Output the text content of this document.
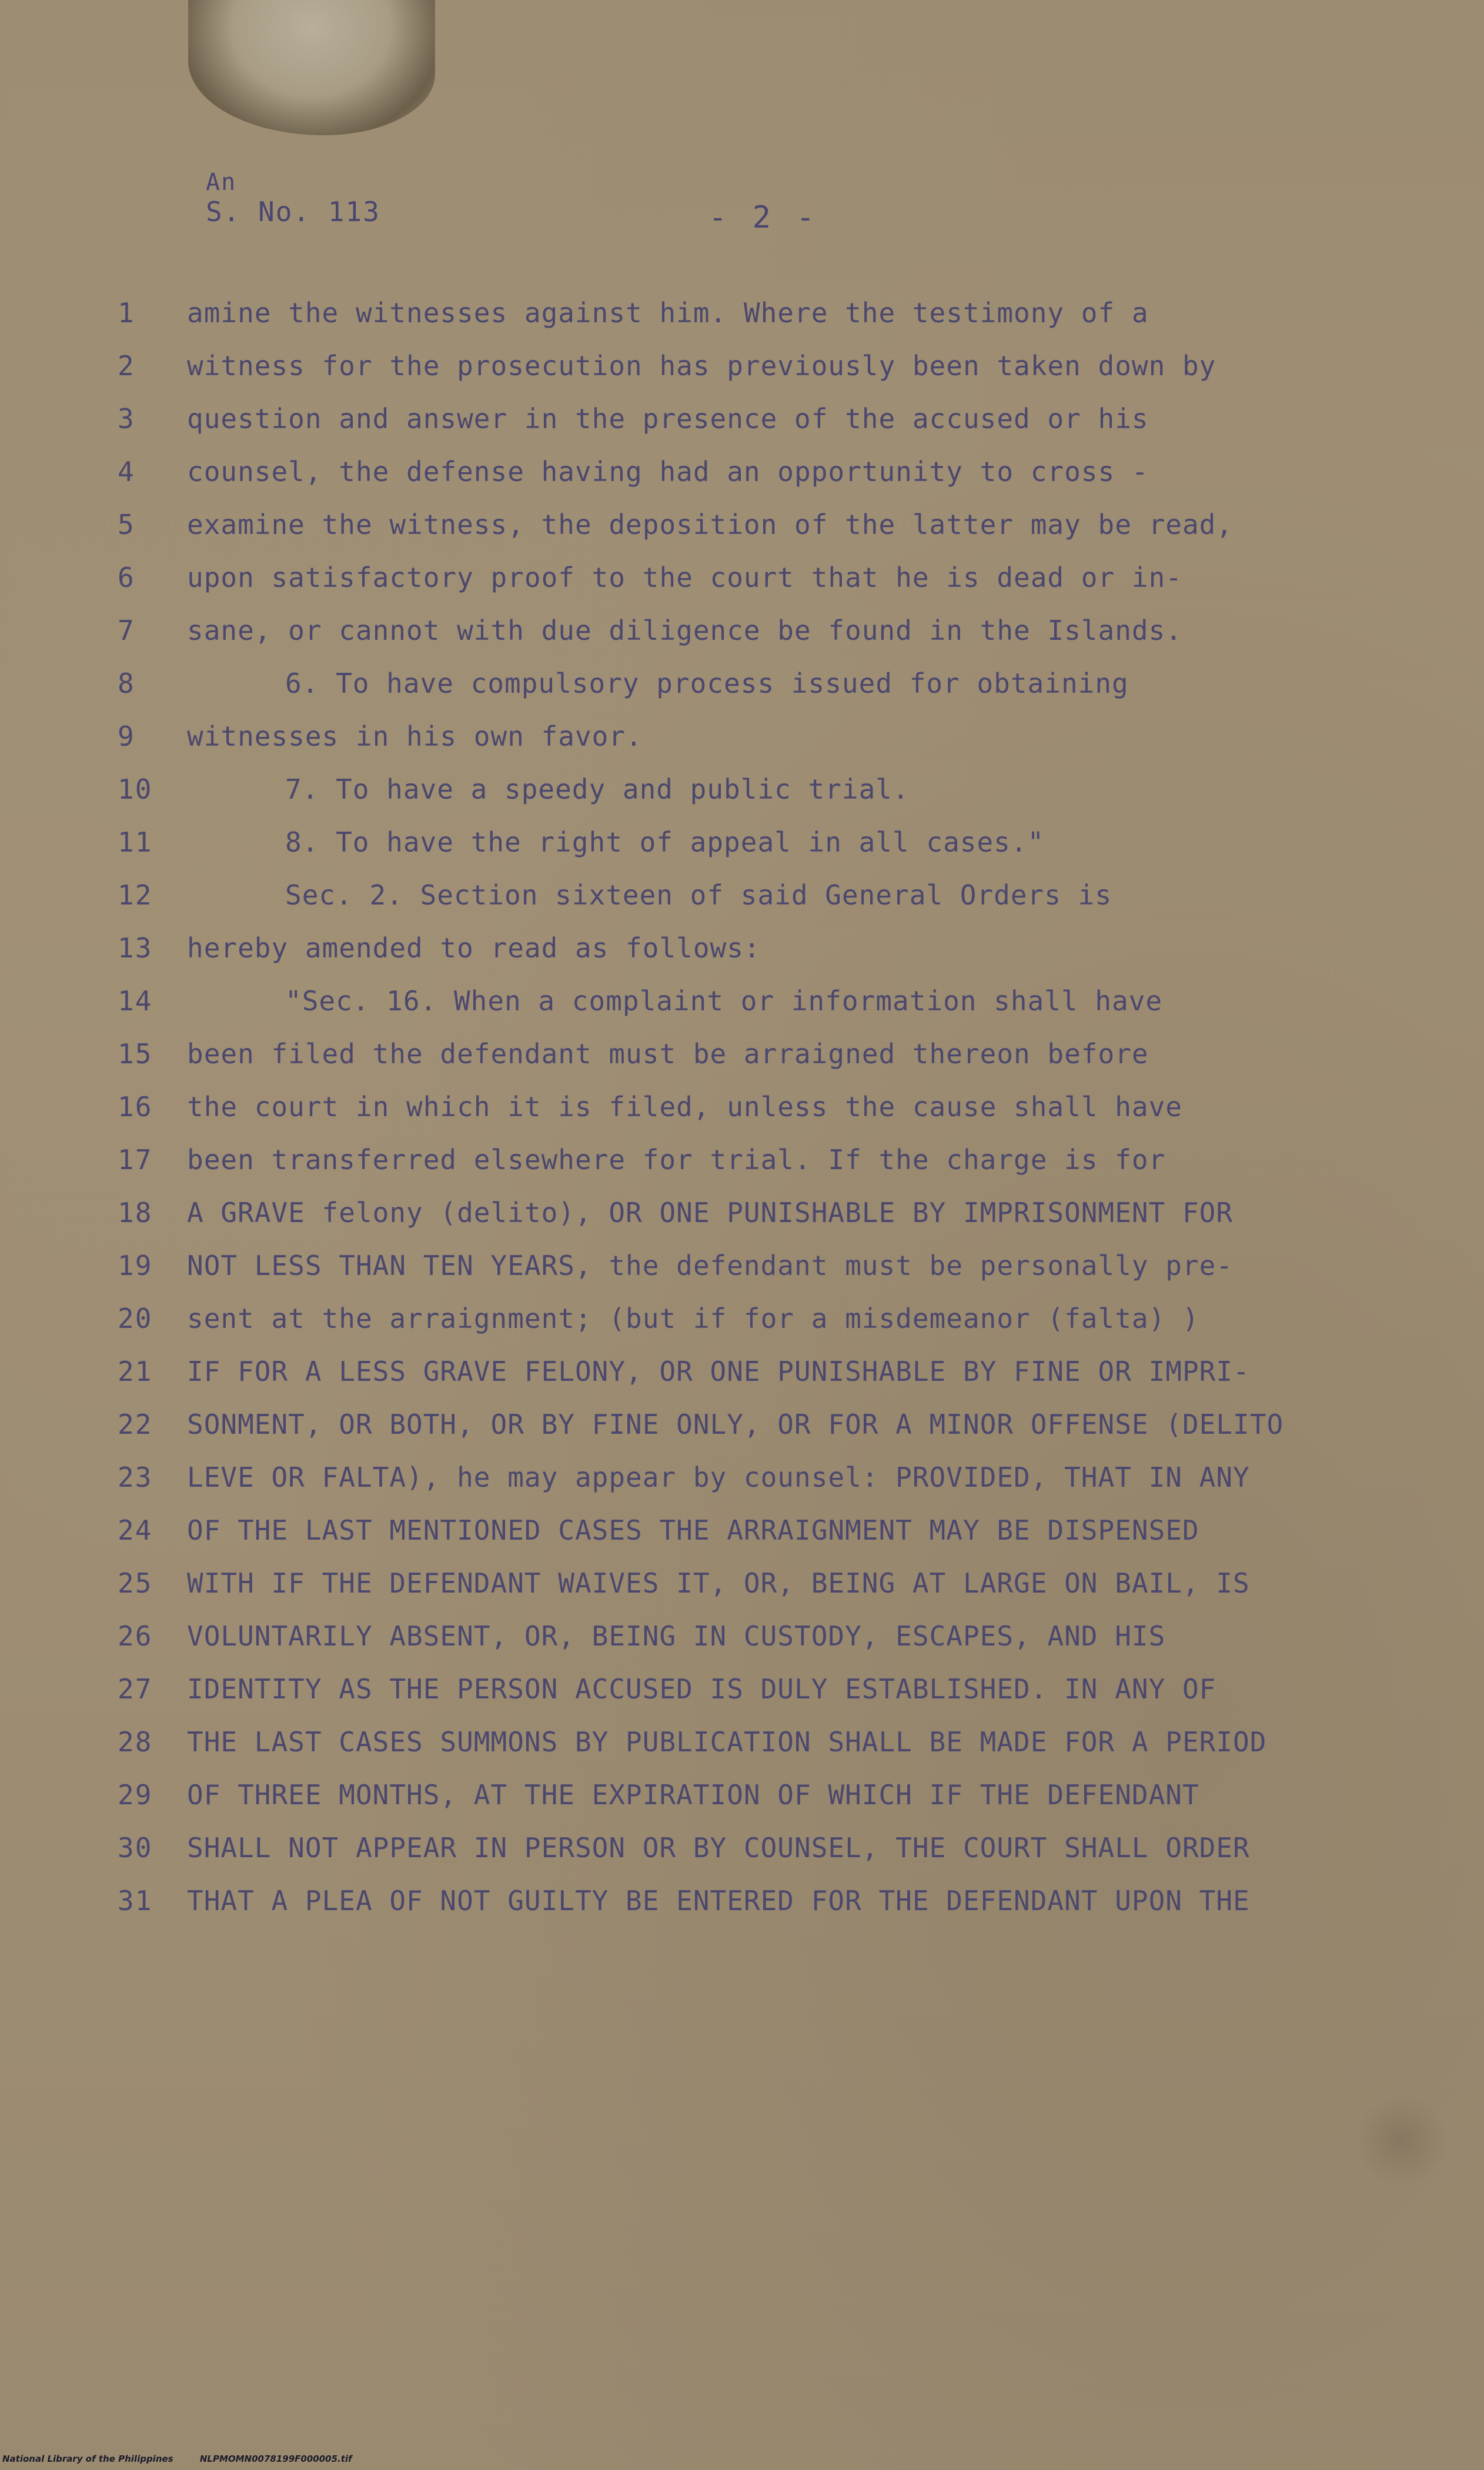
An
S. No. 113	- 2 -
1	amine the witnesses against him. Where the testimony of a
2	witness for the prosecution has previously been taken down by
3	question and answer in the presence of the accused or his
4	counsel, the defense having had an opportunity to cross -
5	examine the witness, the deposition of the latter may be read,
6	upon satisfactory proof to the court that he is dead or in-
7	sane, or cannot with due diligence be found in the Islands.
8	6. To have compulsory process issued for obtaining
9	witnesses in his own favor.
10	7. To have a speedy and public trial.
11	8. To have the right of appeal in all cases."
12	Sec. 2. Section sixteen of said General Orders is
13	hereby amended to read as follows:
14	"Sec. 16. When a complaint or information shall have
15	been filed the defendant must be arraigned thereon before
16	the court in which it is filed, unless the cause shall have
17	been transferred elsewhere for trial. If the charge is for
18	A GRAVE felony (delito), OR ONE PUNISHABLE BY IMPRISONMENT FOR
19	NOT LESS THAN TEN YEARS, the defendant must be personally pre-
20	sent at the arraignment; (but if for a misdemeanor (falta) )
21	IF FOR A LESS GRAVE FELONY, OR ONE PUNISHABLE BY FINE OR IMPRI-
22	SONMENT, OR BOTH, OR BY FINE ONLY, OR FOR A MINOR OFFENSE (DELITO
23	LEVE OR FALTA), he may appear by counsel: PROVIDED, THAT IN ANY
24	OF THE LAST MENTIONED CASES THE ARRAIGNMENT MAY BE DISPENSED
25	WITH IF THE DEFENDANT WAIVES IT, OR, BEING AT LARGE ON BAIL, IS
26	VOLUNTARILY ABSENT, OR, BEING IN CUSTODY, ESCAPES, AND HIS
27	IDENTITY AS THE PERSON ACCUSED IS DULY ESTABLISHED. IN ANY OF
28	THE LAST CASES SUMMONS BY PUBLICATION SHALL BE MADE FOR A PERIOD
29	OF THREE MONTHS, AT THE EXPIRATION OF WHICH IF THE DEFENDANT
30	SHALL NOT APPEAR IN PERSON OR BY COUNSEL, THE COURT SHALL ORDER
31	THAT A PLEA OF NOT GUILTY BE ENTERED FOR THE DEFENDANT UPON THE
National Library of the Philippines	NLPMOMN0078199F000005.tif
